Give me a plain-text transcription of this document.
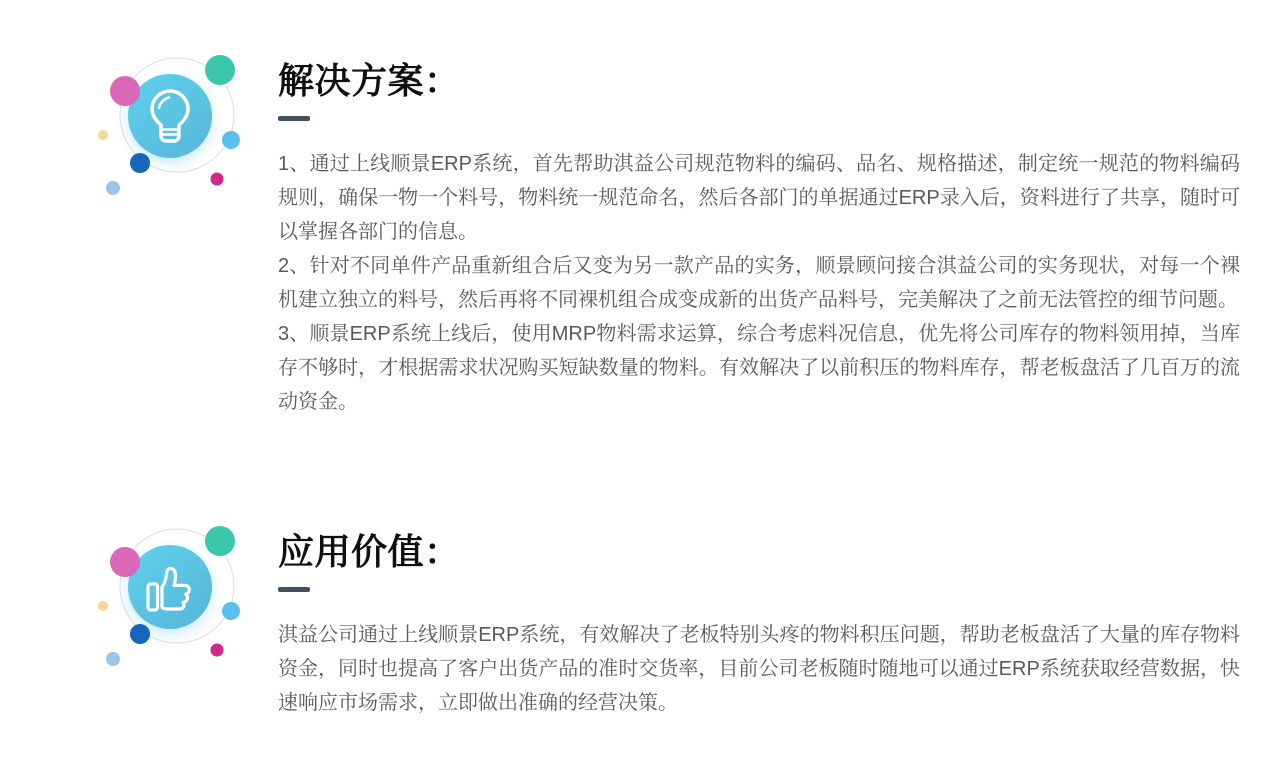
解决方案：

1、通过上线顺景ERP系统，首先帮助淇益公司规范物料的编码、品名、规格描述，制定统一规范的物料编码规则，确保一物一个料号，物料统一规范命名，然后各部门的单据通过ERP录入后，资料进行了共享，随时可以掌握各部门的信息。

2、针对不同单件产品重新组合后又变为另一款产品的实务，顺景顾问接合淇益公司的实务现状，对每一个裸机建立独立的料号，然后再将不同裸机组合成变成新的出货产品料号，完美解决了之前无法管控的细节问题。

3、顺景ERP系统上线后，使用MRP物料需求运算，综合考虑料况信息，优先将公司库存的物料领用掉，当库存不够时，才根据需求状况购买短缺数量的物料。有效解决了以前积压的物料库存，帮老板盘活了几百万的流动资金。

应用价值：

淇益公司通过上线顺景ERP系统，有效解决了老板特别头疼的物料积压问题，帮助老板盘活了大量的库存物料资金，同时也提高了客户出货产品的准时交货率，目前公司老板随时随地可以通过ERP系统获取经营数据，快速响应市场需求，立即做出准确的经营决策。
